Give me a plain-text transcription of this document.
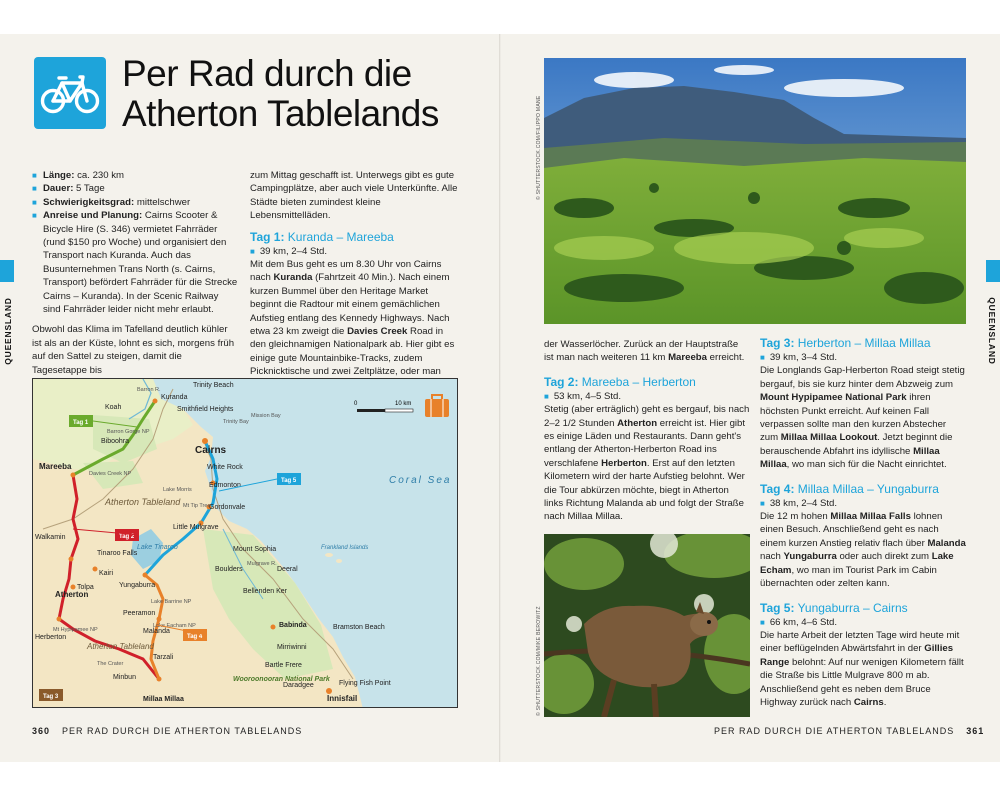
Per Rad durch die
Atherton Tablelands
■ Länge: ca. 230 km
■ Dauer: 5 Tage
■ Schwierigkeitsgrad: mittelschwer
■ Anreise und Planung: Cairns Scooter & Bicycle Hire (S. 346) vermietet Fahrräder (rund $150 pro Woche) und organisiert den Transport nach Kuranda. Auch das Busunternehmen Trans North (s. Cairns, Transport) befördert Fahrräder für die Strecke Cairns – Kuranda). In der Scenic Railway sind Fahrräder leider nicht mehr erlaubt.

Obwohl das Klima im Tafelland deutlich kühler ist als an der Küste, lohnt es sich, morgens früh auf den Sattel zu steigen, damit die Tagesetappe bis

zum Mittag geschafft ist. Unterwegs gibt es gute Campingplätze, aber auch viele Unterkünfte. Alle Städte bieten zumindest kleine Lebensmittelläden.

Tag 1: Kuranda – Mareeba
■ 39 km, 2–4 Std.

Mit dem Bus geht es um 8.30 Uhr von Cairns nach Kuranda (Fahrtzeit 40 Min.). Nach einem kurzen Bummel über den Heritage Market beginnt die Radtour mit einem gemächlichen Aufstieg entlang des Kennedy Highways. Nach etwa 23 km zweigt die Davies Creek Road in den gleichnamigen Nationalpark ab. Hier gibt es einige gute Mountainbike-Tracks, zudem Picknicktische und zwei Zeltplätze, oder man

QUEENSLAND
Trinity Beach
Kuranda
Smithfield Heights
Koah
Biboohra
Mareeba
Cairns
White Rock
Edmonton
Gordonvale
Little Mulgrave
Walkamin
Tinaroo Falls
Kairi
Tolpa
Atherton
Yungaburra
Mount Sophia
Boulders	Deeral
Peeramon
Malanda
Bellenden Ker
Babinda	Bramston Beach
Herberton
Tarzali
Millaa Millaa
Minbun
Mirriwinni
Bartle Frere
Daradgee	Flying Fish Point
Innisfail
Atherton Tableland
Coral Sea
Lake Tinaroo	Frankland Islands
Wooroonooran National Park
Atherton Tableland
Barron R.
Mission Bay
Trinity Bay
Lake Morris
Mt Tip Tree
Barron Gorge NP
Davies Creek NP
Lake Barrine NP
Lake Eacham NP
Mt Hypipamee NP
The Crater
Mulgrave R.
0	10 km
Tag 1
Tag 2
Tag 3
Tag 4
Tag 5
360 PER RAD DURCH DIE ATHERTON TABLELANDS
© SHUTTERSTOCK.COM/FILIPPO MANE

der Wasserlöcher. Zurück an der Hauptstraße ist man nach weiteren 11 km Mareeba erreicht.

Tag 2: Mareeba – Herberton
■ 53 km, 4–5 Std.

Stetig (aber erträglich) geht es bergauf, bis nach 2–2 1/2 Stunden Atherton erreicht ist. Hier gibt es einige Läden und Restaurants. Dann geht's entlang der Atherton-Herberton Road ins verschlafene Herberton. Erst auf den letzten Kilometern wird der harte Aufstieg belohnt. Wer die Tour abkürzen möchte, biegt in Atherton links Richtung Malanda ab und folgt der Straße nach Millaa Millaa.

© SHUTTERSTOCK.COM/MIKE BEROWITZ
Tag 3: Herberton – Millaa Millaa
■ 39 km, 3–4 Std.

Die Longlands Gap-Herberton Road steigt stetig bergauf, bis sie kurz hinter dem Abzweig zum Mount Hypipamee National Park ihren höchsten Punkt erreicht. Auf keinen Fall verpassen sollte man den kurzen Abstecher zum Millaa Millaa Lookout. Jetzt beginnt die berauschende Abfahrt ins idyllische Millaa Millaa, wo man sich für die Nacht einrichtet.

Tag 4: Millaa Millaa – Yungaburra
■ 38 km, 2–4 Std.

Die 12 m hohen Millaa Millaa Falls lohnen einen Besuch. Anschließend geht es nach einem kurzen Anstieg relativ flach über Malanda nach Yungaburra oder auch direkt zum Lake Echam, wo man im Tourist Park im Cabin übernachten oder zelten kann.

Tag 5: Yungaburra – Cairns
■ 66 km, 4–6 Std.

Die harte Arbeit der letzten Tage wird heute mit einer beflügelnden Abwärtsfahrt in der Gillies Range belohnt: Auf nur wenigen Kilometern fällt die Straße bis Little Mulgrave 800 m ab. Anschließend geht es neben dem Bruce Highway zurück nach Cairns.

QUEENSLAND
PER RAD DURCH DIE ATHERTON TABLELANDS 361
